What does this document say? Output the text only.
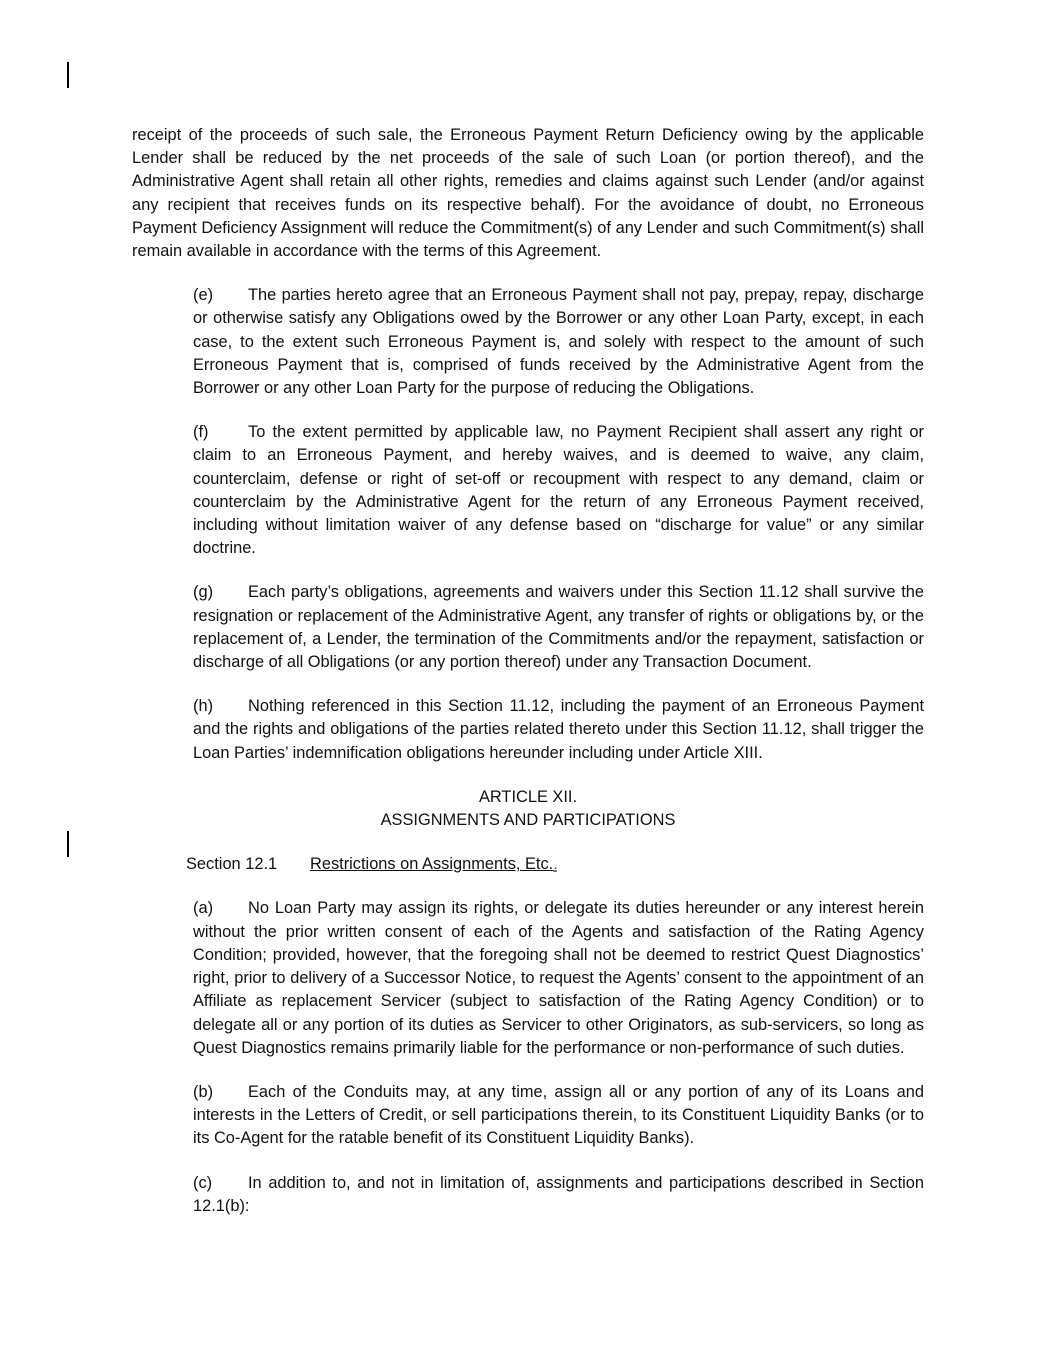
receipt of the proceeds of such sale, the Erroneous Payment Return Deficiency owing by the applicable Lender shall be reduced by the net proceeds of the sale of such Loan (or portion thereof), and the Administrative Agent shall retain all other rights, remedies and claims against such Lender (and/or against any recipient that receives funds on its respective behalf). For the avoidance of doubt, no Erroneous Payment Deficiency Assignment will reduce the Commitment(s) of any Lender and such Commitment(s) shall remain available in accordance with the terms of this Agreement.

(e) The parties hereto agree that an Erroneous Payment shall not pay, prepay, repay, discharge or otherwise satisfy any Obligations owed by the Borrower or any other Loan Party, except, in each case, to the extent such Erroneous Payment is, and solely with respect to the amount of such Erroneous Payment that is, comprised of funds received by the Administrative Agent from the Borrower or any other Loan Party for the purpose of reducing the Obligations.

(f) To the extent permitted by applicable law, no Payment Recipient shall assert any right or claim to an Erroneous Payment, and hereby waives, and is deemed to waive, any claim, counterclaim, defense or right of set-off or recoupment with respect to any demand, claim or counterclaim by the Administrative Agent for the return of any Erroneous Payment received, including without limitation waiver of any defense based on “discharge for value” or any similar doctrine.

(g) Each party’s obligations, agreements and waivers under this Section 11.12 shall survive the resignation or replacement of the Administrative Agent, any transfer of rights or obligations by, or the replacement of, a Lender, the termination of the Commitments and/or the repayment, satisfaction or discharge of all Obligations (or any portion thereof) under any Transaction Document.

(h) Nothing referenced in this Section 11.12, including the payment of an Erroneous Payment and the rights and obligations of the parties related thereto under this Section 11.12, shall trigger the Loan Parties’ indemnification obligations hereunder including under Article XIII.

ARTICLE XII.
ASSIGNMENTS AND PARTICIPATIONS
Section 12.1 Restrictions on Assignments, Etc..

(a) No Loan Party may assign its rights, or delegate its duties hereunder or any interest herein without the prior written consent of each of the Agents and satisfaction of the Rating Agency Condition; provided, however, that the foregoing shall not be deemed to restrict Quest Diagnostics’ right, prior to delivery of a Successor Notice, to request the Agents’ consent to the appointment of an Affiliate as replacement Servicer (subject to satisfaction of the Rating Agency Condition) or to delegate all or any portion of its duties as Servicer to other Originators, as sub-servicers, so long as Quest Diagnostics remains primarily liable for the performance or non-performance of such duties.

(b) Each of the Conduits may, at any time, assign all or any portion of any of its Loans and interests in the Letters of Credit, or sell participations therein, to its Constituent Liquidity Banks (or to its Co-Agent for the ratable benefit of its Constituent Liquidity Banks).

(c) In addition to, and not in limitation of, assignments and participations described in Section 12.1(b):
